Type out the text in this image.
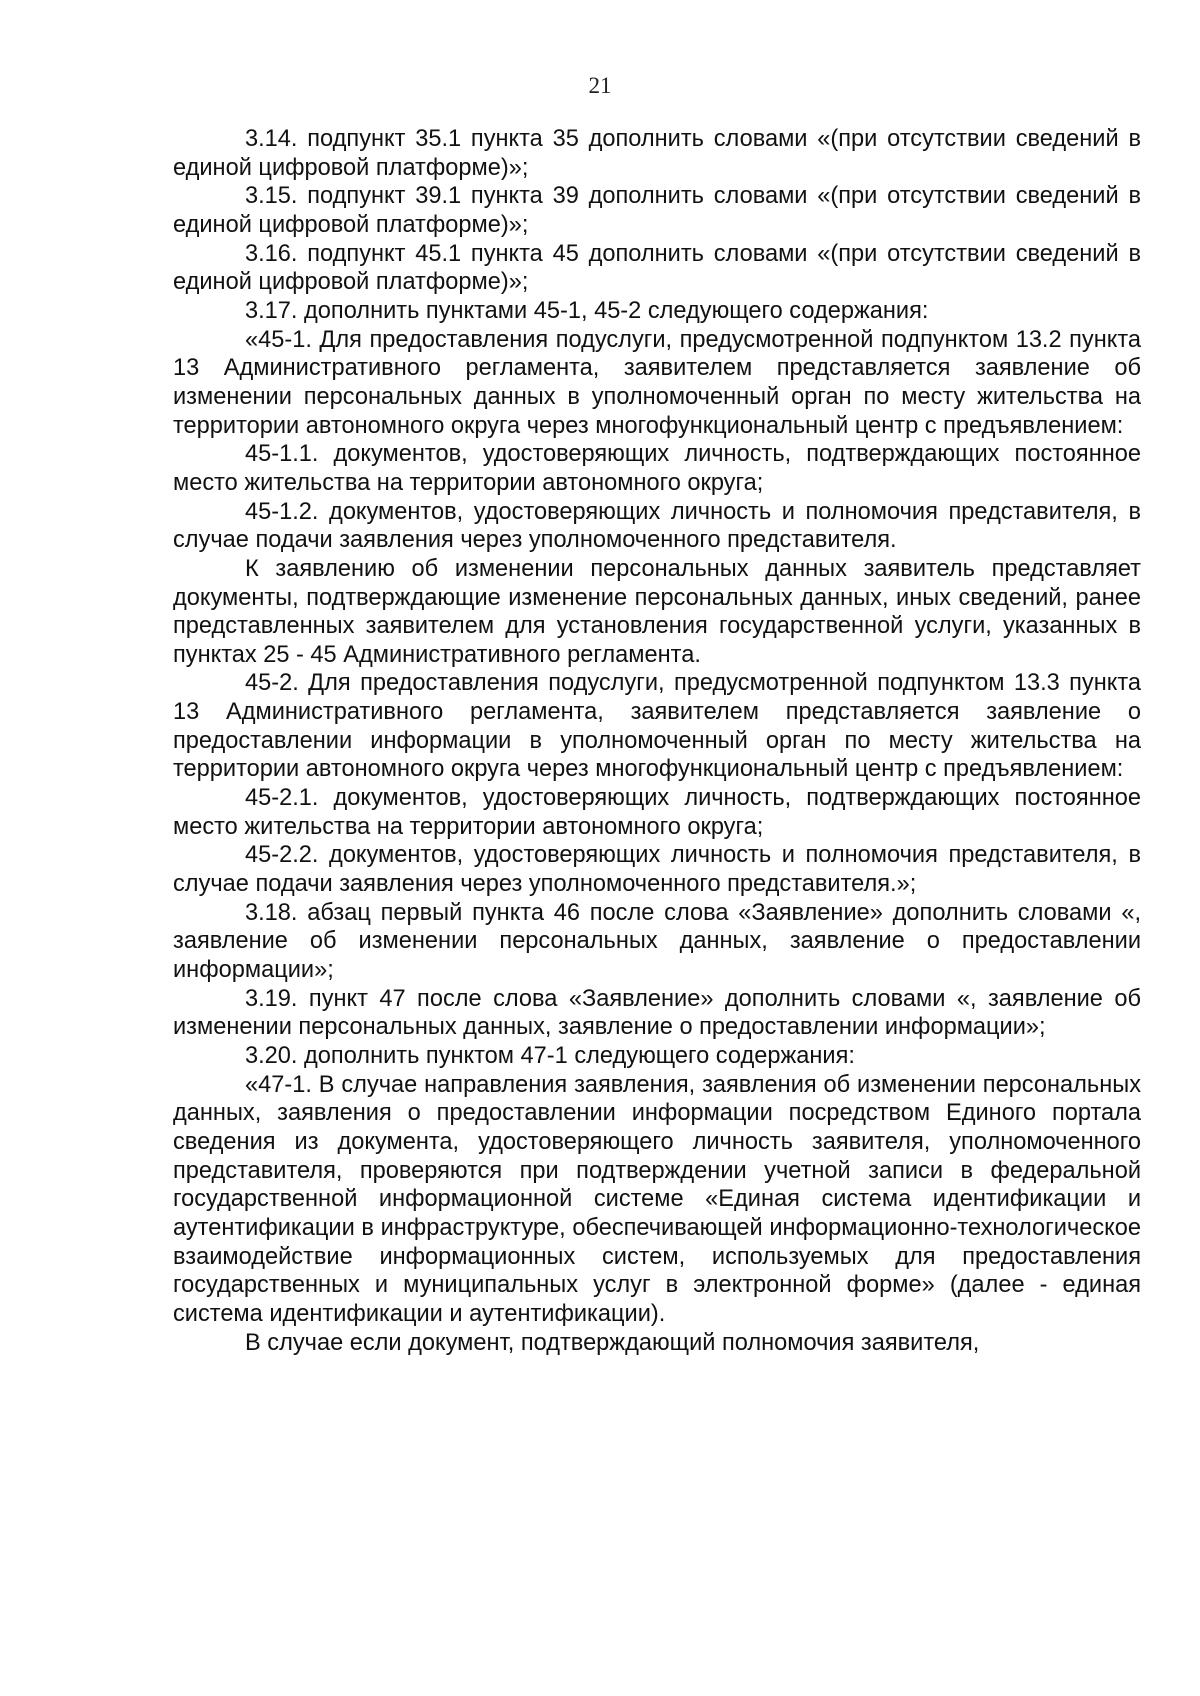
21

3.14. подпункт 35.1 пункта 35 дополнить словами «(при отсутствии сведений в единой цифровой платформе)»;

3.15. подпункт 39.1 пункта 39 дополнить словами «(при отсутствии сведений в единой цифровой платформе)»;

3.16. подпункт 45.1 пункта 45 дополнить словами «(при отсутствии сведений в единой цифровой платформе)»;

3.17. дополнить пунктами 45-1, 45-2 следующего содержания:

«45-1. Для предоставления подуслуги, предусмотренной подпунктом 13.2 пункта 13 Административного регламента, заявителем представляется заявление об изменении персональных данных в уполномоченный орган по месту жительства на территории автономного округа через многофункциональный центр с предъявлением:

45-1.1. документов, удостоверяющих личность, подтверждающих постоянное место жительства на территории автономного округа;

45-1.2. документов, удостоверяющих личность и полномочия представителя, в случае подачи заявления через уполномоченного представителя.

К заявлению об изменении персональных данных заявитель представляет документы, подтверждающие изменение персональных данных, иных сведений, ранее представленных заявителем для установления государственной услуги, указанных в пунктах 25 - 45 Административного регламента.

45-2. Для предоставления подуслуги, предусмотренной подпунктом 13.3 пункта 13 Административного регламента, заявителем представляется заявление о предоставлении информации в уполномоченный орган по месту жительства на территории автономного округа через многофункциональный центр с предъявлением:

45-2.1. документов, удостоверяющих личность, подтверждающих постоянное место жительства на территории автономного округа;

45-2.2. документов, удостоверяющих личность и полномочия представителя, в случае подачи заявления через уполномоченного представителя.»;

3.18. абзац первый пункта 46 после слова «Заявление» дополнить словами «, заявление об изменении персональных данных, заявление о предоставлении информации»;

3.19. пункт 47 после слова «Заявление» дополнить словами «, заявление об изменении персональных данных, заявление о предоставлении информации»;

3.20. дополнить пунктом 47-1 следующего содержания:

«47-1. В случае направления заявления, заявления об изменении персональных данных, заявления о предоставлении информации посредством Единого портала сведения из документа, удостоверяющего личность заявителя, уполномоченного представителя, проверяются при подтверждении учетной записи в федеральной государственной информационной системе «Единая система идентификации и аутентификации в инфраструктуре, обеспечивающей информационно-технологическое взаимодействие информационных систем, используемых для предоставления государственных и муниципальных услуг в электронной форме» (далее - единая система идентификации и аутентификации).

В случае если документ, подтверждающий полномочия заявителя,
